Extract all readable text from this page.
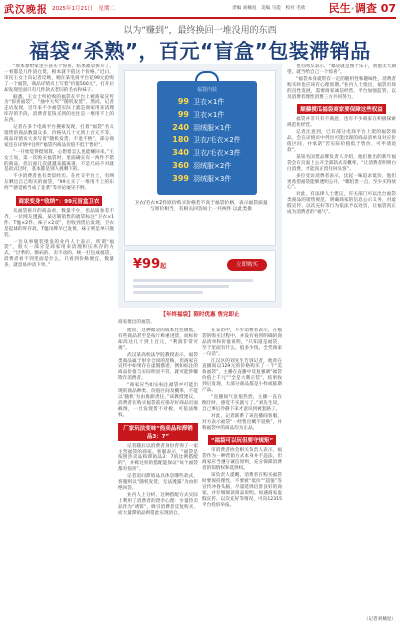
武汉晚报 2025年1月21日　星期二	责编 刘楠星　美编 马能　校对 毛欣 民生·调查 07
以为“赚到”，最终换回一堆没用的东西
福袋“杀熟”，百元“盲盒”包装滞销品
“原本想给家里小孩买个惊喜，结果福袋拆开了，一看都是几件清仓货，根本就不值这个价格。”近日，市民王女士向记者反映，她在某电商平台花99元抢购了一个福袋，商品详情页上写着“价值500元”，打开后却发现里面只有几件款式老旧的毛衣和袜子。
据悉，王女士所抢购的福袋在平台上被商家宣传为“惊喜福袋”，“抽中大奖”“随机发货”。然而，记者走访发现，近年来不少福袋实际上就是商家用来清理库存的手段，消费者花钱买到的往往是一堆用不上的东西。
记者在多个电商平台搜索发现，打着“福袋”名义销售的商品数量众多，价格从几十元到上百元不等，商品详情页大多写着“随机发货，不退不换”，部分商家还在详情中注明“福袋内商品价值不低于售价”。
“一开始觉得挺划算，心想着怎么也能赚回来。”王女士说，第一次购买福袋时，里面确实有一两件不错的商品，但后面几次就越来越离谱，不是尺码不对就是款式过时，基本都是别人挑剩下的。
不少消费者也有类似经历。在社交平台上，有网友晒出自己购买的福袋，“99元买了一堆用不上的东西”“感觉被当成了韭菜”等评论屡见不鲜。
商家变身“收纳”：99元盲盒卫衣
从福袋拆开的商品看，数量不少，但品质参差不齐。一位网友透露，某店铺销售的福袋标注“卫衣×1件、T恤×2件、袜子×2双”，但收到货后发现，卫衣是起球的库存款，T恤吊牌早已发黄，袜子则是单只散装。
一位从事服装批发的业内人士表示，所谓“福袋”，很大一部分是商家用来清理积压库存的方式。“过季的、断码的、卖不动的，统一打包成福袋，消费者看不到里面是什么，只看到价格便宜、数量多，就容易冲动下单。”
福袋内装
99 卫衣×1件
99 卫衣×1件
240 羽绒服×1件
180 卫衣/毛衣×2件
340 卫衣/毛衣×3件
360 羽绒服×2件
399 羽绒服×3件
卫衣/毛衣×2件原价购买价格若不高于福袋价格，表示福袋质量与原价相当，有相关回答如上一共两件 以此类推
¥99起	立即购买
【年终福袋】限时优惠 售完即止
商家推出的福袋。
他说，这种福袋的成本往往极低，有些商品甚至是按斤称重进货，而标价却高达几十到上百元，“利润非常可观”。
武汉某高校法学院教授表示，福袋类商品属于射幸合同的范畴，但商家在宣传中如果存在虚假描述，例如标注的商品价值与实际明显不符，就可能涉嫌欺诈消费者。
“商家应当如实标注福袋中可能出现的商品种类、价值区间及概率，不能以‘随机’为由推卸责任。”该教授建议，消费者在购买福袋前应保存好商品页面截图，一旦发现货不对板，可依法维权。
厂家玩法变味“热卖品和滞销品3：7”
记者随后以消费者身份咨询了一家主营福袋的商家。客服表示，“福袋是按照热卖品和滞销品3：7的比例搭配的”，并称这样的搭配能保证“每个福袋都有惊喜”。
记者追问滞销品具体是哪些款式，客服则以“随机发货，无法透露”为由拒绝回答。
业内人士分析，这种搭配方式实际上利用了消费者的侥幸心理：少量热卖品作为“诱饵”，吸引消费者反复购买，而大量滞销品则借此实现清仓。
在采访中，不少消费者表示，在福袋的购买过程中，并没有看到明确的商品清单和价值说明，“只知道是福袋，至于里面有什么、值多少钱，全凭商家一句话”。
江汉区的刘先生告诉记者，他曾在直播间以129元的价格购买了一个“美妆福袋”，主播在直播中反复强调“福袋价值上千元”“全是大牌正装”，结果收到后发现，大部分商品都是小样或临期产品。
“直播间气氛很热烈，主播一直在倒计时，感觉不买就亏了。”刘先生说，自己事后冷静下来才意识到被套路了。
对此，记者联系了该直播间客服，对方表示福袋“一经售出概不退换”，并称福袋中的商品均为正品。
“福袋可以玩但要守规矩”
市消费者协会相关负责人表示，福袋作为一种营销方式本身并不违法，但商家应当遵守诚信原则，充分保障消费者的知情权和选择权。
该负责人提醒，消费者在购买福袋时要保持理性，不要被“低价”“超值”等宣传冲昏头脑，尽量选择信誉良好的商家，并仔细阅读商品说明。如遇商家虚假宣传、以次充好等情况，可向12315平台投诉举报。
也有网友表示，“福袋就是图个乐子，别抱太大期望，就当给自己一个惊喜”。
“福袋本身就带有一定的随机性和趣味性，消费者购买时也应该有心理预期。”业内人士指出，福袋市场的良性发展，需要商家诚信经营、平台加强监管，以及消费者理性消费三方共同努力。
顺藤摸瓜福袋商家要保障这些权益
福袋并非只有不满意，也有不少商家在积极探索规范化经营。
记者注意到，已有部分电商平台上架的福袋商品，会在详情页中列出可能出现的商品清单及对应价值区间，并承诺“若实际价值低于售价，可申请退款”。
某知名国货品牌负责人介绍，他们推出的新年福袋会在页面上公开全部款式及概率，“让消费者明明白白消费，才能真正留住回头客”。
多位受访消费者表示，比起一味追求低价，他们更希望福袋能够透明公开，“哪怕贵一点，至少买得放心”。
对此，有法律人士建议，有关部门可以出台福袋类商品的销售规范，明确商家的信息公示义务，对虚假宣传、以次充好等行为依法予以处罚，让福袋真正成为消费者的“福气”。
（记者刘楠星）
